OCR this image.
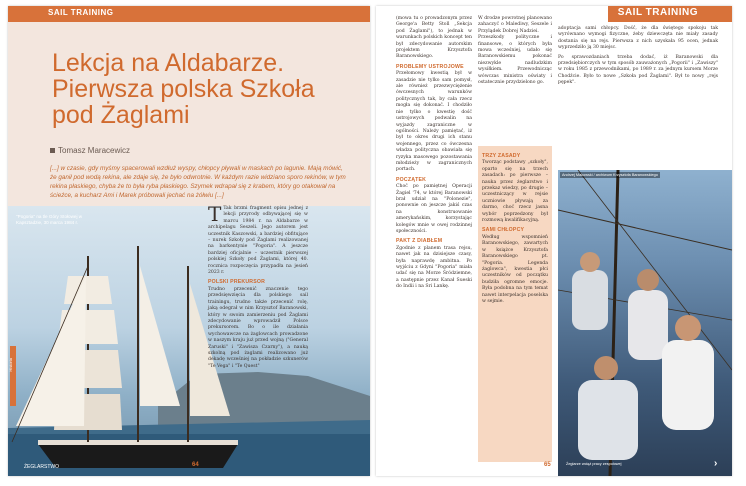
SAIL TRAINING
Lekcja na Aldabarze. Pierwsza polska Szkoła pod Żaglami
Tomasz Maracewicz
[...] w czasie, gdy myśmy spacerowali wzdłuż wyspy, chłopcy pływali w maskach po lagunie. Mają mówić, że ganił pod wodą rekina, ale zdaje się, że było odwrotnie. W każdym razie widziano sporo rekinów, w tym rekina płaskiego, chyba że to była ryba płaskiego. Szymek wdrapał się z krabem, który go otakował na ścieżce, a kucharz Ami i Marek próbowali jechać na żółwiu [...]
"Pogoria" na tle Góry Stołowej w Kapsztadzie, 30 marca 1984 r.	T Tak brzmi fragment opisu jednej z lekcji przyrody odbywającej się w marcu 1984 r. na Aldabarze w archipelagu Seszeli. Jego autorem jest uczestnik Kaszowski, a bardziej obfitujące – nurek Szkoły pod Żaglami realizowanej na barkentynie "Pogoria". A jeszcze bardziej oficjalnie – uczestnik pierwszej polskiej Szkoły pod Żaglami, której 40. rocznica rozpoczęcia przypadła na jesień 2023 r.
POLSKI PREKURSOR
Trudno przecenić znaczenie tego przedsięwzięcia dla polskiego sail trainingu, trudno także przecenić rolę, jaką odegrał w nim Krzysztof Baranowski, który w swoim zamierzeniu pod Żaglami zdecydowanie wprowadził Polsce prekursorem. Bo o ile działania wychowawcze na żaglowcach prowadzone w naszym kraju już przed wojną ("General Zaruski" i "Zawisza Czarny"), a nauką szkolną pod żaglami realizowano już dekadę wcześniej na pokładzie szkunerów "Te Vega" i "Te Quest"
Historia
ŻEGLARSTWO	64
SAIL TRAINING
(mowa tu o prowadzonym przez George'a Betty Stoll „Sekcja pod Żaglami"), to jednak w warunkach polskich koncept ten był zdecydowanie autorskim projektem Krzysztofa Baranowskiego.
PROBLEMY USTROJOWE
Przełomowy kwestią był w zasadzie nie tylko sam pomysł, ale również przezwyciężenie ówczesnych warunków politycznych tak, by cała rzecz mogła się dokonać. I chodziło nie tylko o kwestię dość ustrojowych podwalin na wyjazdy zagraniczne w ogólności. Należy pamiętać, iż był to okres drugi ich stanu wojennego, przez co ówczesna władza polityczna obawiała się ryzyka masowego pozostawania młodzieży w zagranicznych portach.
POCZĄTEK
Choć po pamiętnej Operacji Żagiel '74, w której Baranowski brał udział na "Polonezie", ponownie on jeszcze jakiś czas na konstruowanie amerykańskim, korzystając kolegów mnie w owej rodzinnej społeczności.
PAKT Z DIABŁEM
Zgodnie z planem trasa rejsu, nawet jak na dzisiejsze czasy, była naprawdę ambitna. Po wyjściu z Gdyni "Pogoria" miała udać się na Morze Śródziemne, a następnie przez Kanał Sueski do Indii i na Sri Lankę.
W drodze powrotnej planowano zahaczyć o Malediwy, Seszele i Przylądek Dobrej Nadziei.
Przeszkody polityczne i finansowe, o których była mowa wcześniej, udało się Baranowskiemu pokonać niezwykle nadludzkim wysiłkiem. Przewodnicząc wówczas ministra oświaty i ostatecznie przydzielono go.
TRZY ZASADY
Tworząc podstawy „szkoły", oparto się na trzech zasadach: po pierwsze – nauka przez żeglarstwo i przekaz wiedzy, po drugie – uczestniczący w rejsie uczniowie pływają za darmo, choć rzecz jasna wybór poprzedzony był rozmową kwalifikacyjną.
SAMI CHŁOPCY
Według wspomnień Baranowskiego, zawartych w książce Krzysztofa Baranowskiego pt. "Pogoria. Legenda żaglowca", kwestia płci uczestników od początku budziła ogromne emocje. Była podobna na tym temat nawet interpelacja poselska w sejmie.
adoptacja sami chłopcy. Dość, że dla świętego spokoju tak wyrównano wymogi fizyczne, żeby dziewczęta nie miały zasady dostania się na rejs. Pierwsza z nich uzyskała 95 ocen, jednak wyprzedziło ją 30 miejsc.
Po sprawozdaniach trzeba dodać, iż Baranowski dla przedsiębiorczych w tym sposób zauważonych „Pogorii" i „Zawiszy" w roku 1985 z przewodnikami, po 1989 r. za jednym kursem Morze Chodźcie. Było to nowe „Szkoła pod Żaglami". Był to nowy „rejs pępek".
Andrzej Makowski / archiwum Krzysztofa Baranowskiego
Żeglarze wciąż pracy zespołowej	›
65
